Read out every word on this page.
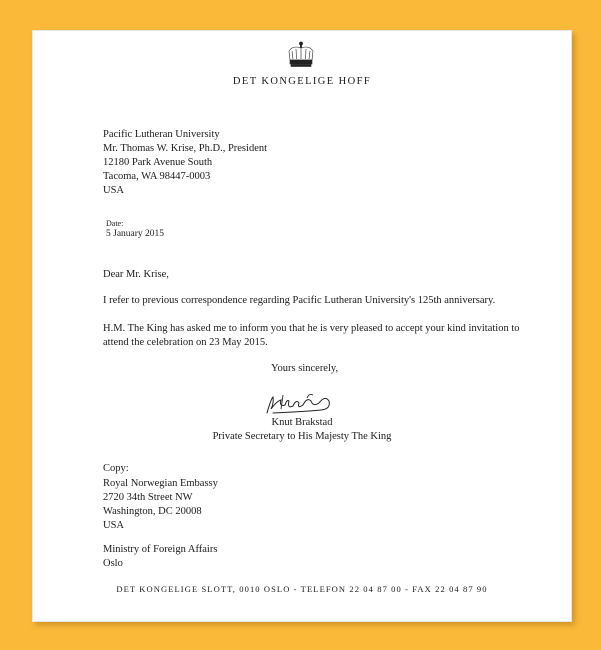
DET KONGELIGE HOFF
Pacific Lutheran University
Mr. Thomas W. Krise, Ph.D., President
12180 Park Avenue South
Tacoma, WA 98447-0003
USA
Date:
5 January 2015
Dear Mr. Krise,
I refer to previous correspondence regarding Pacific Lutheran University's 125th anniversary.
H.M. The King has asked me to inform you that he is very pleased to accept your kind invitation to
attend the celebration on 23 May 2015.
Yours sincerely,
Knut Brakstad
Private Secretary to His Majesty The King
Copy:
Royal Norwegian Embassy
2720 34th Street NW
Washington, DC 20008
USA
Ministry of Foreign Affairs
Oslo
DET KONGELIGE SLOTT, 0010 OSLO - TELEFON 22 04 87 00 - FAX 22 04 87 90
